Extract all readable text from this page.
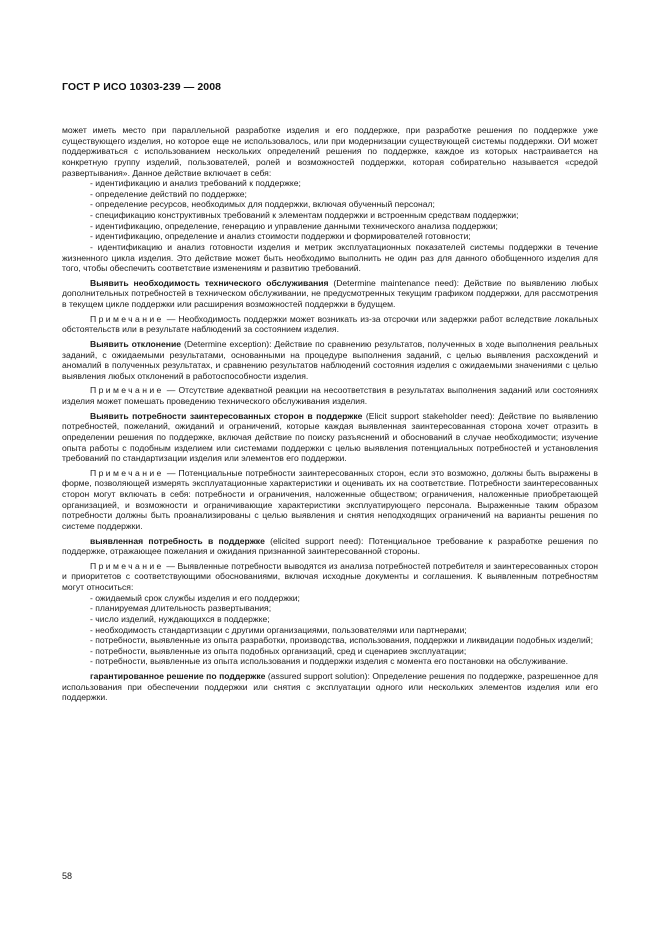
ГОСТ Р ИСО 10303-239 — 2008

может иметь место при параллельной разработке изделия и его поддержке, при разработке решения по поддержке уже существующего изделия, но которое еще не использовалось, или при модернизации существующей системы поддержки. ОИ может поддерживаться с использованием нескольких определений решения по поддержке, каждое из которых настраивается на конкретную группу изделий, пользователей, ролей и возможностей поддержки, которая собирательно называется «средой развертывания». Данное действие включает в себя:

- идентификацию и анализ требований к поддержке;

- определение действий по поддержке;

- определение ресурсов, необходимых для поддержки, включая обученный персонал;

- спецификацию конструктивных требований к элементам поддержки и встроенным средствам поддержки;

- идентификацию, определение, генерацию и управление данными технического анализа поддержки;

- идентификацию, определение и анализ стоимости поддержки и формирователей готовности;

- идентификацию и анализ готовности изделия и метрик эксплуатационных показателей системы поддержки в течение жизненного цикла изделия. Это действие может быть необходимо выполнить не один раз для данного обобщенного изделия для того, чтобы обеспечить соответствие изменениям и развитию требований.

Выявить необходимость технического обслуживания (Determine maintenance need): Действие по выявлению любых дополнительных потребностей в техническом обслуживании, не предусмотренных текущим графиком поддержки, для рассмотрения в текущем цикле поддержки или расширения возможностей поддержки в будущем.

Примечание — Необходимость поддержки может возникать из-за отсрочки или задержки работ вследствие локальных обстоятельств или в результате наблюдений за состоянием изделия.

Выявить отклонение (Determine exception): Действие по сравнению результатов, полученных в ходе выполнения реальных заданий, с ожидаемыми результатами, основанными на процедуре выполнения заданий, с целью выявления расхождений и аномалий в полученных результатах, и сравнению результатов наблюдений состояния изделия с ожидаемыми значениями с целью выявления любых отклонений в работоспособности изделия.

Примечание — Отсутствие адекватной реакции на несоответствия в результатах выполнения заданий или состояниях изделия может помешать проведению технического обслуживания изделия.

Выявить потребности заинтересованных сторон в поддержке (Elicit support stakeholder need): Действие по выявлению потребностей, пожеланий, ожиданий и ограничений, которые каждая выявленная заинтересованная сторона хочет отразить в определении решения по поддержке, включая действие по поиску разъяснений и обоснований в случае необходимости; изучение опыта работы с подобным изделием или системами поддержки с целью выявления потенциальных потребностей и установления требований по стандартизации изделия или элементов его поддержки.

Примечание — Потенциальные потребности заинтересованных сторон, если это возможно, должны быть выражены в форме, позволяющей измерять эксплуатационные характеристики и оценивать их на соответствие. Потребности заинтересованных сторон могут включать в себя: потребности и ограничения, наложенные обществом; ограничения, наложенные приобретающей организацией, и возможности и ограничивающие характеристики эксплуатирующего персонала. Выраженные таким образом потребности должны быть проанализированы с целью выявления и снятия неподходящих ограничений на варианты решения по системе поддержки.

выявленная потребность в поддержке (elicited support need): Потенциальное требование к разработке решения по поддержке, отражающее пожелания и ожидания признанной заинтересованной стороны.

Примечание — Выявленные потребности выводятся из анализа потребностей потребителя и заинтересованных сторон и приоритетов с соответствующими обоснованиями, включая исходные документы и соглашения. К выявленным потребностям могут относиться:

- ожидаемый срок службы изделия и его поддержки;

- планируемая длительность развертывания;

- число изделий, нуждающихся в поддержке;

- необходимость стандартизации с другими организациями, пользователями или партнерами;

- потребности, выявленные из опыта разработки, производства, использования, поддержки и ликвидации подобных изделий;

- потребности, выявленные из опыта подобных организаций, сред и сценариев эксплуатации;

- потребности, выявленные из опыта использования и поддержки изделия с момента его постановки на обслуживание.

гарантированное решение по поддержке (assured support solution): Определение решения по поддержке, разрешенное для использования при обеспечении поддержки или снятия с эксплуатации одного или нескольких элементов изделия или его поддержки.

58
